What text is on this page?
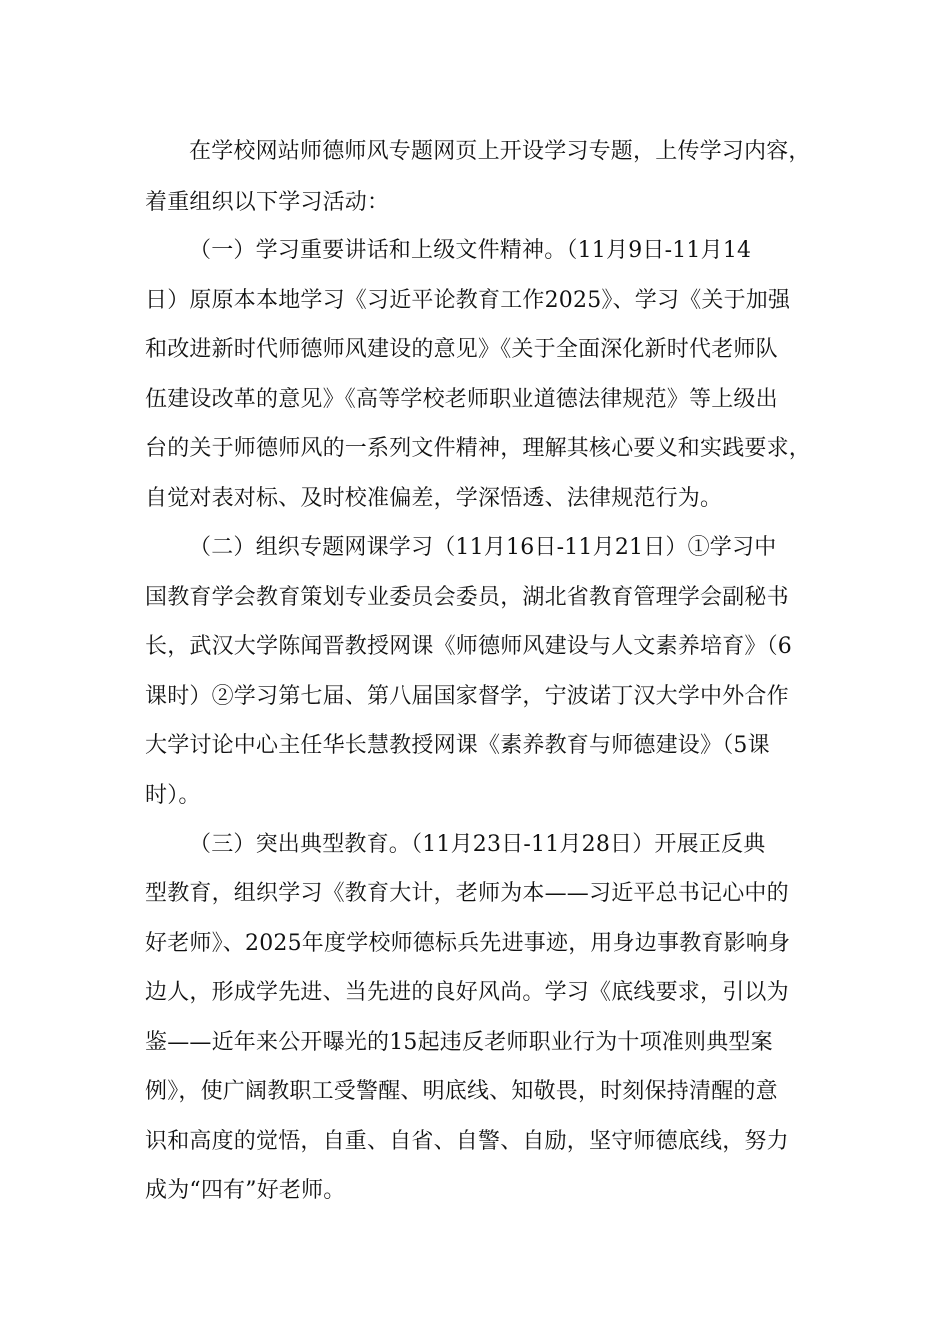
在学校网站师德师风专题网页上开设学习专题，上传学习内容，
着重组织以下学习活动：
（一）学习重要讲话和上级文件精神。（11月9日-11月14
日）原原本本地学习《习近平论教育工作2025》、学习《关于加强
和改进新时代师德师风建设的意见》《关于全面深化新时代老师队
伍建设改革的意见》《高等学校老师职业道德法律规范》等上级出
台的关于师德师风的一系列文件精神，理解其核心要义和实践要求，
自觉对表对标、及时校准偏差，学深悟透、法律规范行为。
（二）组织专题网课学习（11月16日-11月21日）①学习中
国教育学会教育策划专业委员会委员，湖北省教育管理学会副秘书
长，武汉大学陈闻晋教授网课《师德师风建设与人文素养培育》（6
课时）②学习第七届、第八届国家督学，宁波诺丁汉大学中外合作
大学讨论中心主任华长慧教授网课《素养教育与师德建设》（5课
时）。
（三）突出典型教育。（11月23日-11月28日）开展正反典
型教育，组织学习《教育大计，老师为本——习近平总书记心中的
好老师》、2025年度学校师德标兵先进事迹，用身边事教育影响身
边人，形成学先进、当先进的良好风尚。学习《底线要求，引以为
鉴——近年来公开曝光的15起违反老师职业行为十项准则典型案
例》，使广阔教职工受警醒、明底线、知敬畏，时刻保持清醒的意
识和高度的觉悟，自重、自省、自警、自励，坚守师德底线，努力
成为“四有”好老师。
